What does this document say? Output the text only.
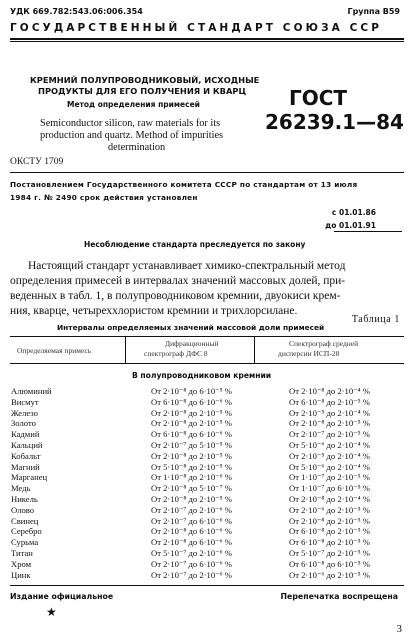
УДК 669.782:543.06:006.354	Группа В59
ГОСУДАРСТВЕННЫЙ СТАНДАРТ СОЮЗА ССР
КРЕМНИЙ ПОЛУПРОВОДНИКОВЫЙ, ИСХОДНЫЕ
ПРОДУКТЫ ДЛЯ ЕГО ПОЛУЧЕНИЯ И КВАРЦ
Метод определения примесей
Semiconductor silicon, raw materials for its
production and quartz. Method of impurities
determination
ГОСТ
26239.1—84
ОКСТУ 1709
Постановлением Государственного комитета СССР по стандартам от 13 июля
1984 г. № 2490 срок действия установлен
с 01.01.86
до 01.01.91
Несоблюдение стандарта преследуется по закону
Настоящий стандарт устанавливает химико-спектральный метод
определения примесей в интервалах значений массовых долей, при-
веденных в табл. 1, в полупроводниковом кремнии, двуокиси крем-
ния, кварце, четыреххлористом кремнии и трихлорсилане.
Таблица 1
Интервалы определяемых значений массовой доли примесей
Определяемая примесь
Дифракционный
спектрограф ДФС 8
Спектрограф средней
дисперсии ИСП-28
В полупроводниковом кремнии
Алюминий	От 2·10⁻⁸ до 6·10⁻⁵ %	От 2·10⁻⁸ до 2·10⁻⁴ %
Висмут	От 6·10⁻⁸ до 6·10⁻⁶ %	От 6·10⁻⁸ до 2·10⁻⁵ %
Железо	От 2·10⁻⁸ до 2·10⁻⁵ %	От 2·10⁻⁵ до 2·10⁻⁴ %
Золото	От 2·10⁻⁸ до 2·10⁻⁵ %	От 2·10⁻⁸ до 2·10⁻⁵ %
Кадмий	От 6·10⁻⁸ до 6·10⁻⁶ %	От 2·10⁻⁷ до 2·10⁻⁵ %
Кальций	От 2·10⁻⁷ до 5·10⁻⁵ %	От 5·10⁻⁶ до 2·10⁻⁴ %
Кобальт	От 2·10⁻⁸ до 2·10⁻⁵ %	От 2·10⁻⁵ до 2·10⁻⁴ %
Магний	От 5·10⁻⁸ до 2·10⁻⁵ %	От 5·10⁻⁶ до 2·10⁻⁴ %
Марганец	От 1·10⁻⁸ до 2·10⁻⁶ %	От 1·10⁻⁷ до 2·10⁻⁵ %
Медь	От 2·10⁻⁸ до 5·10⁻⁷ %	От 1·10⁻⁷ до 6·10⁻⁵ %
Никель	От 2·10⁻⁸ до 2·10⁻⁵ %	От 2·10⁻⁸ до 2·10⁻⁴ %
Олово	От 2·10⁻⁷ до 2·10⁻⁶ %	От 2·10⁻⁶ до 2·10⁻⁵ %
Свинец	От 2·10⁻⁷ до 6·10⁻⁶ %	От 2·10⁻⁸ до 2·10⁻⁵ %
Серебро	От 2·10⁻⁸ до 6·10⁻⁶ %	От 6·10⁻⁸ до 2·10⁻⁵ %
Сурьма	От 2·10⁻⁸ до 6·10⁻⁶ %	От 6·10⁻⁸ до 2·10⁻⁵ %
Титан	От 5·10⁻⁷ до 2·10⁻⁶ %	От 5·10⁻⁷ до 2·10⁻⁵ %
Хром	От 2·10⁻⁷ до 6·10⁻⁶ %	От 6·10⁻⁸ до 6·10⁻⁵ %
Цинк	От 2·10⁻⁷ до 2·10⁻⁶ %	От 2·10⁻⁶ до 2·10⁻⁵ %
Издание официальное	Перепечатка воспрещена
★
3
